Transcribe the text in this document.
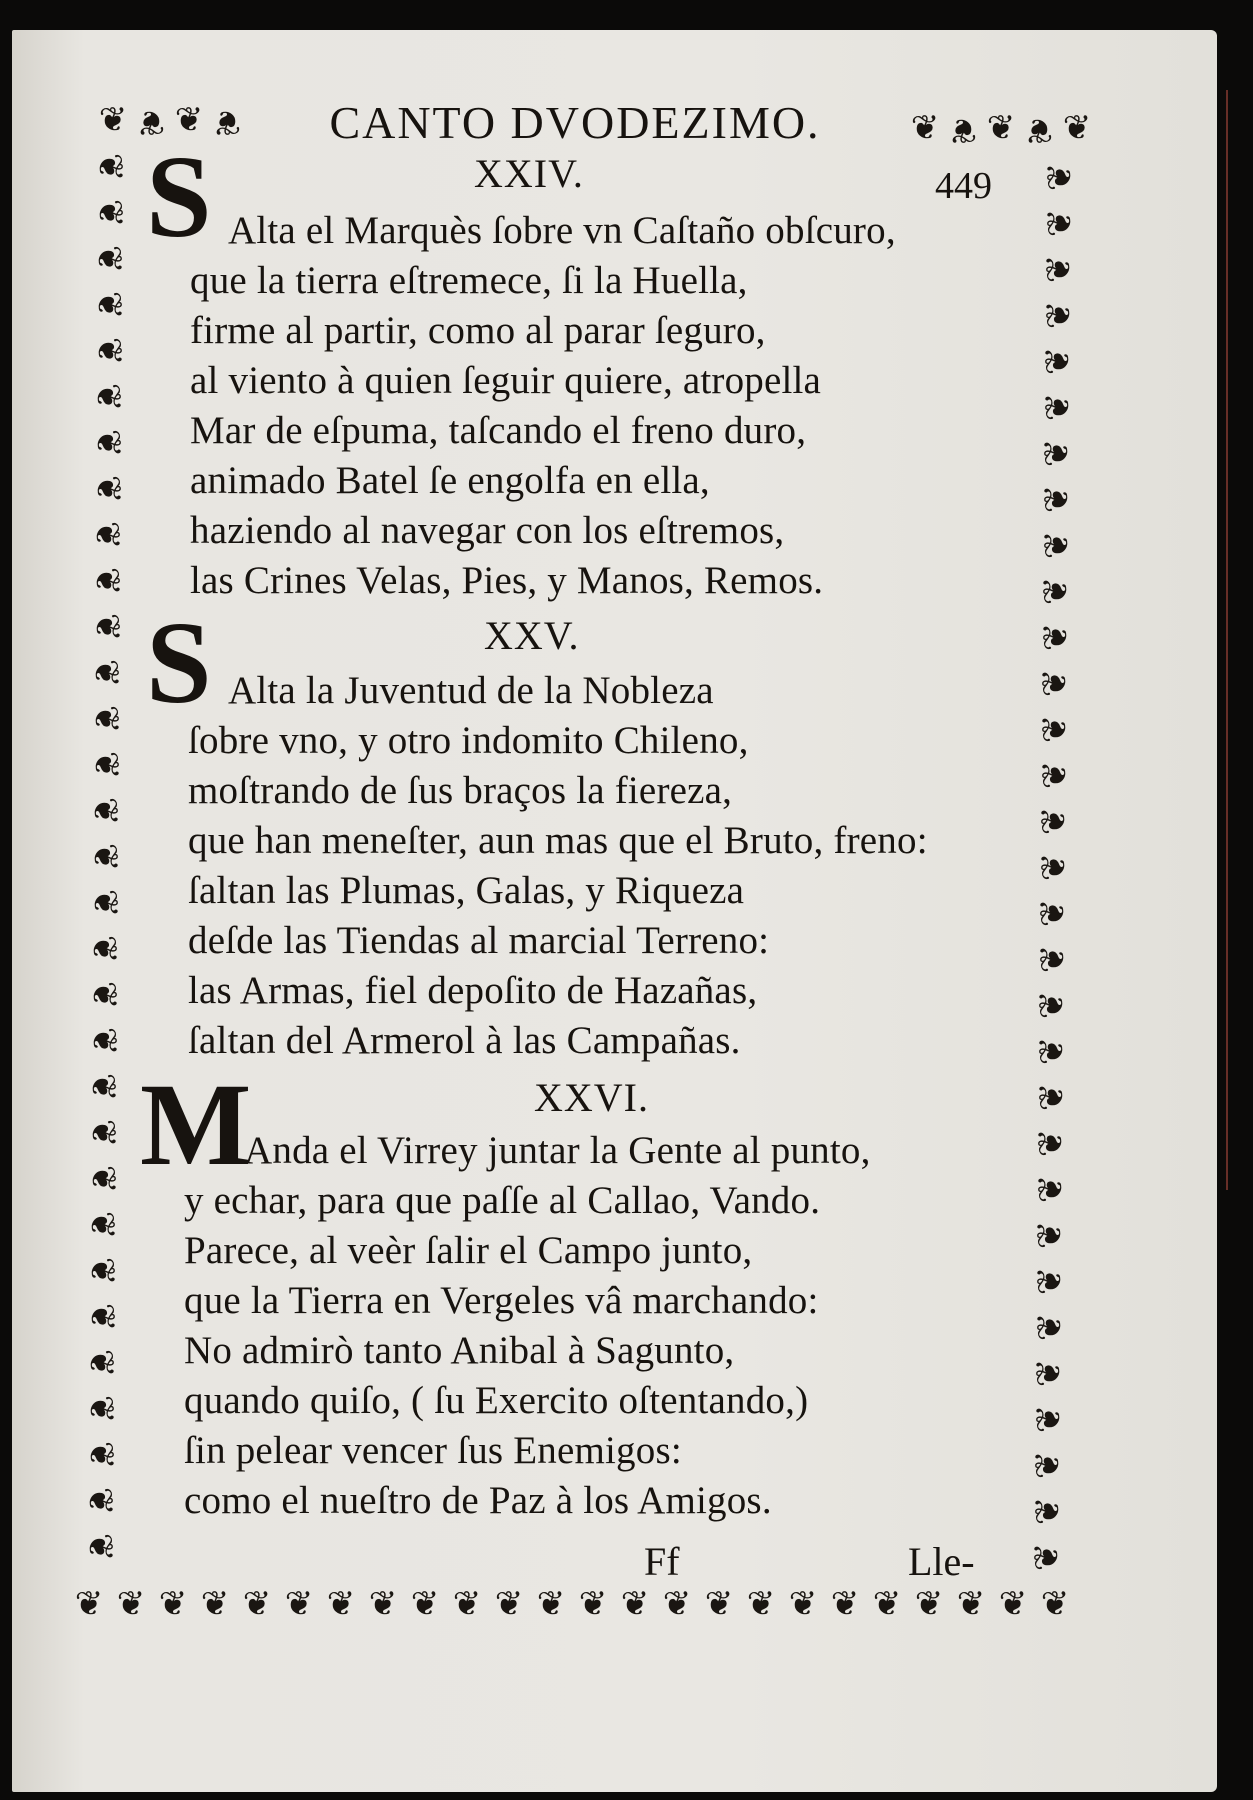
❦ ❦ ❦ ❦	❦ ❦ ❦ ❦ ❦
❦
❦
❦
❦
❦
❦
❦
❦
❦
❦
❦
❦
❦
❦
❦
❦
❦
❦
❦
❦
❦
❦
❦
❦
❦
❦
❦
❦
❦
❦
❦
❦
❦
❦
❦
❦
❦
❦
❦
❦
❦
❦
❦
❦
❦
❦
❦
❦
❦
❦
❦
❦
❦
❦
❦
❦
❦
❦
❦
❦
❦
❦
❦ ❦ ❦ ❦ ❦ ❦ ❦ ❦ ❦ ❦ ❦ ❦ ❦ ❦ ❦ ❦ ❦ ❦ ❦ ❦ ❦ ❦ ❦ ❦
CANTO DVODEZIMO.
449
XXIV.
S Alta el Marquès ſobre vn Caſtaño obſcuro,
que la tierra eſtremece, ſi la Huella,
firme al partir, como al parar ſeguro,
al viento à quien ſeguir quiere, atropella
Mar de eſpuma, taſcando el freno duro,
animado Batel ſe engolfa en ella,
haziendo al navegar con los eſtremos,
las Crines Velas, Pies, y Manos, Remos.
XXV.
S Alta la Juventud de la Nobleza
ſobre vno, y otro indomito Chileno,
moſtrando de ſus braços la fiereza,
que han meneſter, aun mas que el Bruto, freno:
ſaltan las Plumas, Galas, y Riqueza
deſde las Tiendas al marcial Terreno:
las Armas, fiel depoſito de Hazañas,
ſaltan del Armerol à las Campañas.
XXVI.
M
Anda el Virrey juntar la Gente al punto,
y echar, para que paſſe al Callao, Vando.
Parece, al veèr ſalir el Campo junto,
que la Tierra en Vergeles vâ marchando:
No admirò tanto Anibal à Sagunto,
quando quiſo, ( ſu Exercito oſtentando,)
ſin pelear vencer ſus Enemigos:
como el nueſtro de Paz à los Amigos.
Ff	Lle-
